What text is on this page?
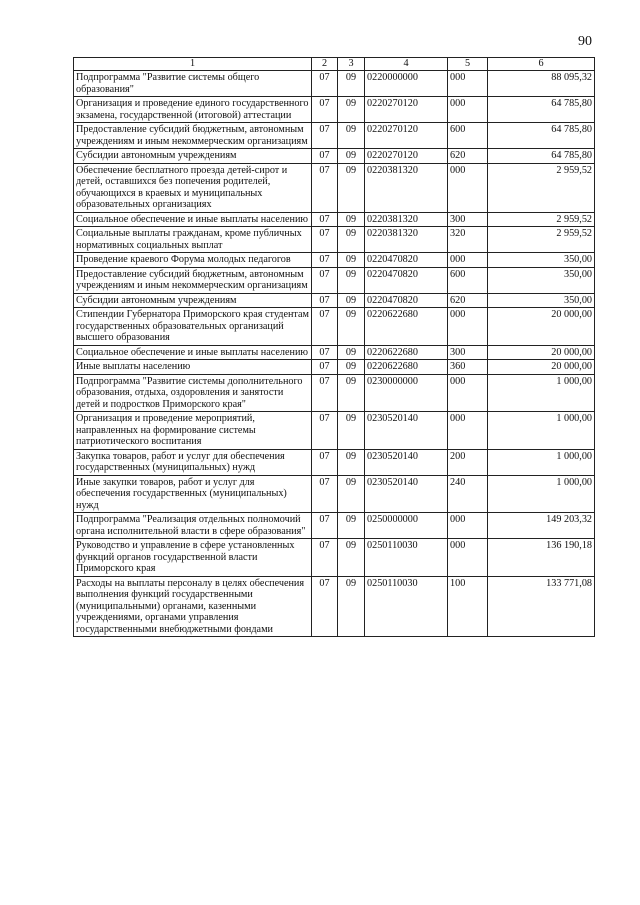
90
1	2	3	4	5	6
Подпрограмма "Развитие системы общего образования"	07	09	0220000000	000	88 095,32
Организация и проведение единого государственного экзамена, государственной (итоговой) аттестации	07	09	0220270120	000	64 785,80
Предоставление субсидий бюджетным, автономным учреждениям и иным некоммерческим организациям	07	09	0220270120	600	64 785,80
Субсидии автономным учреждениям	07	09	0220270120	620	64 785,80
Обеспечение бесплатного проезда детей-сирот и детей, оставшихся без попечения родителей, обучающихся в краевых и муниципальных образовательных организациях	07	09	0220381320	000	2 959,52
Социальное обеспечение и иные выплаты населению	07	09	0220381320	300	2 959,52
Социальные выплаты гражданам, кроме публичных нормативных социальных выплат	07	09	0220381320	320	2 959,52
Проведение краевого Форума молодых педагогов	07	09	0220470820	000	350,00
Предоставление субсидий бюджетным, автономным учреждениям и иным некоммерческим организациям	07	09	0220470820	600	350,00
Субсидии автономным учреждениям	07	09	0220470820	620	350,00
Стипендии Губернатора Приморского края студентам государственных образовательных организаций высшего образования	07	09	0220622680	000	20 000,00
Социальное обеспечение и иные выплаты населению	07	09	0220622680	300	20 000,00
Иные выплаты населению	07	09	0220622680	360	20 000,00
Подпрограмма "Развитие системы дополнительного образования, отдыха, оздоровления и занятости детей и подростков Приморского края"	07	09	0230000000	000	1 000,00
Организация и проведение мероприятий, направленных на формирование системы патриотического воспитания	07	09	0230520140	000	1 000,00
Закупка товаров, работ и услуг для обеспечения государственных (муниципальных) нужд	07	09	0230520140	200	1 000,00
Иные закупки товаров, работ и услуг для обеспечения государственных (муниципальных) нужд	07	09	0230520140	240	1 000,00
Подпрограмма "Реализация отдельных полномочий органа исполнительной власти в сфере образования"	07	09	0250000000	000	149 203,32
Руководство и управление в сфере установленных функций органов государственной власти Приморского края	07	09	0250110030	000	136 190,18
Расходы на выплаты персоналу в целях обеспечения выполнения функций государственными (муниципальными) органами, казенными учреждениями, органами управления государственными внебюджетными фондами	07	09	0250110030	100	133 771,08
